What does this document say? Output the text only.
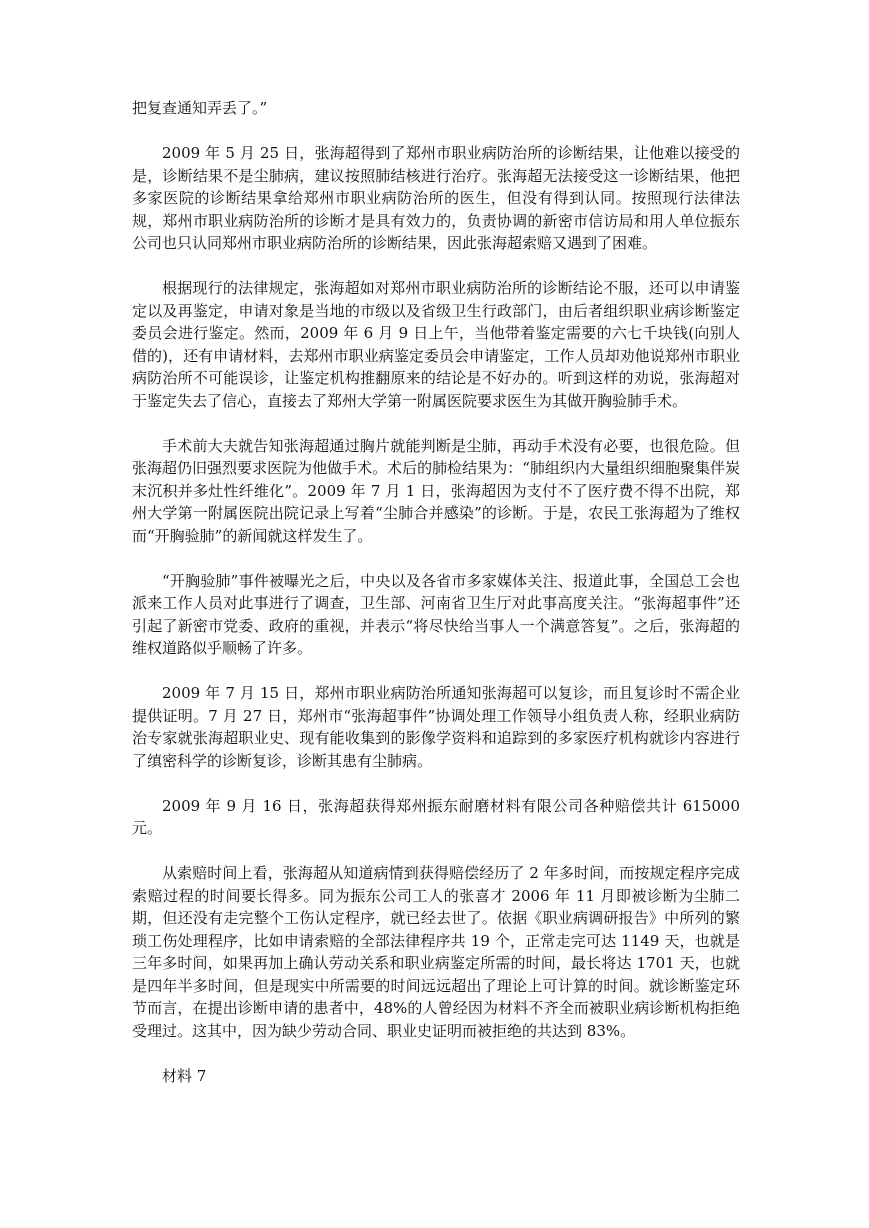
把复查通知弄丢了。”

2009 年 5 月 25 日，张海超得到了郑州市职业病防治所的诊断结果，让他难以接受的是，诊断结果不是尘肺病，建议按照肺结核进行治疗。张海超无法接受这一诊断结果，他把多家医院的诊断结果拿给郑州市职业病防治所的医生，但没有得到认同。按照现行法律法规，郑州市职业病防治所的诊断才是具有效力的，负责协调的新密市信访局和用人单位振东公司也只认同郑州市职业病防治所的诊断结果，因此张海超索赔又遇到了困难。

根据现行的法律规定，张海超如对郑州市职业病防治所的诊断结论不服，还可以申请鉴定以及再鉴定，申请对象是当地的市级以及省级卫生行政部门，由后者组织职业病诊断鉴定委员会进行鉴定。然而，2009 年 6 月 9 日上午，当他带着鉴定需要的六七千块钱(向别人借的)，还有申请材料，去郑州市职业病鉴定委员会申请鉴定，工作人员却劝他说郑州市职业病防治所不可能误诊，让鉴定机构推翻原来的结论是不好办的。听到这样的劝说，张海超对于鉴定失去了信心，直接去了郑州大学第一附属医院要求医生为其做开胸验肺手术。

手术前大夫就告知张海超通过胸片就能判断是尘肺，再动手术没有必要，也很危险。但张海超仍旧强烈要求医院为他做手术。术后的肺检结果为：“肺组织内大量组织细胞聚集伴炭末沉积并多灶性纤维化”。2009 年 7 月 1 日，张海超因为支付不了医疗费不得不出院，郑州大学第一附属医院出院记录上写着“尘肺合并感染”的诊断。于是，农民工张海超为了维权而“开胸验肺”的新闻就这样发生了。

“开胸验肺”事件被曝光之后，中央以及各省市多家媒体关注、报道此事，全国总工会也派来工作人员对此事进行了调查，卫生部、河南省卫生厅对此事高度关注。“张海超事件”还引起了新密市党委、政府的重视，并表示“将尽快给当事人一个满意答复”。之后，张海超的维权道路似乎顺畅了许多。

2009 年 7 月 15 日，郑州市职业病防治所通知张海超可以复诊，而且复诊时不需企业提供证明。7 月 27 日，郑州市“张海超事件”协调处理工作领导小组负责人称，经职业病防治专家就张海超职业史、现有能收集到的影像学资料和追踪到的多家医疗机构就诊内容进行了缜密科学的诊断复诊，诊断其患有尘肺病。

2009 年 9 月 16 日，张海超获得郑州振东耐磨材料有限公司各种赔偿共计 615000 元。

从索赔时间上看，张海超从知道病情到获得赔偿经历了 2 年多时间，而按规定程序完成索赔过程的时间要长得多。同为振东公司工人的张喜才 2006 年 11 月即被诊断为尘肺二期，但还没有走完整个工伤认定程序，就已经去世了。依据《职业病调研报告》中所列的繁琐工伤处理程序，比如申请索赔的全部法律程序共 19 个，正常走完可达 1149 天，也就是三年多时间，如果再加上确认劳动关系和职业病鉴定所需的时间，最长将达 1701 天，也就是四年半多时间，但是现实中所需要的时间远远超出了理论上可计算的时间。就诊断鉴定环节而言，在提出诊断申请的患者中，48%的人曾经因为材料不齐全而被职业病诊断机构拒绝受理过。这其中，因为缺少劳动合同、职业史证明而被拒绝的共达到 83%。

材料 7
